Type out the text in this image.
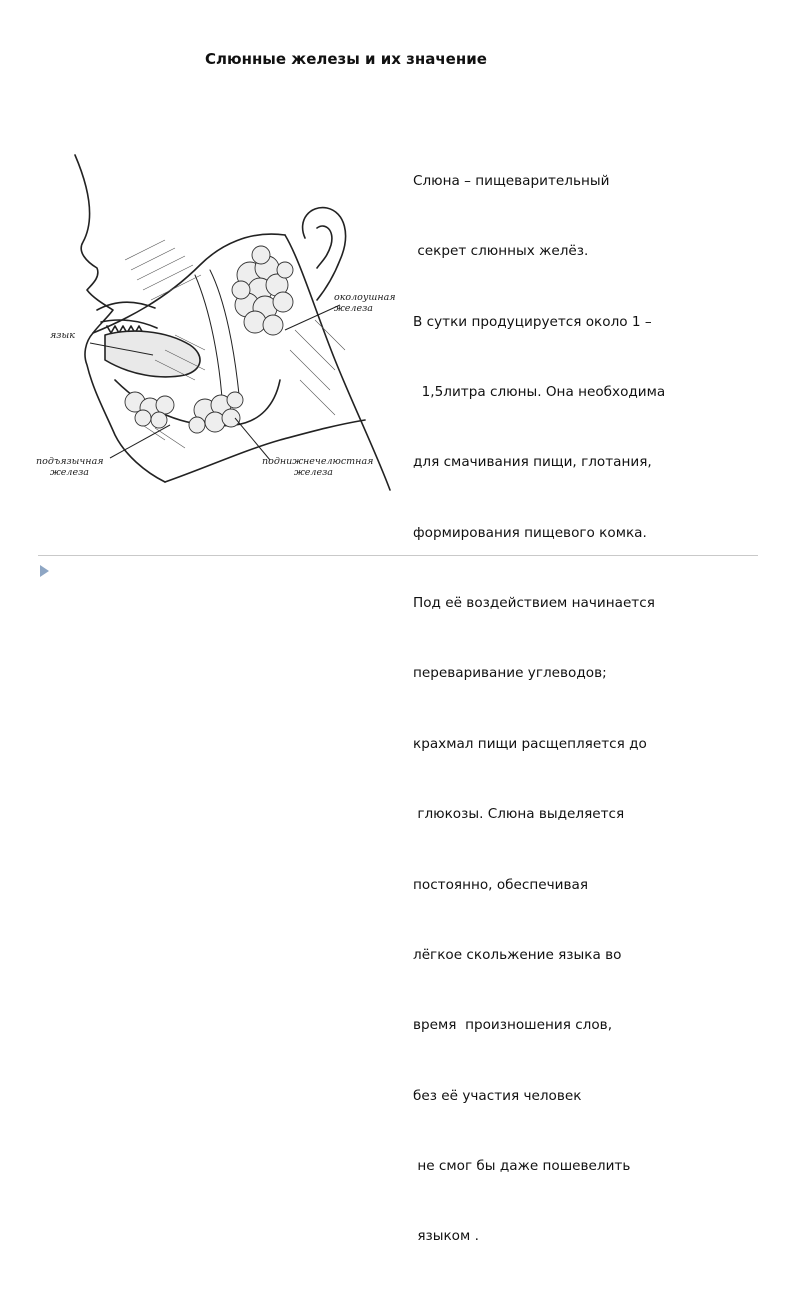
Слюнные железы и их значение
язык
околоушная
железа
подъязычная
железа
поднижнечелюстная
железа

Слюна – пищеварительный

секрет слюнных желёз.

В сутки продуцируется около 1 –

1,5литра слюны. Она необходима

для смачивания пищи, глотания,

формирования пищевого комка.

Под её воздействием начинается

переваривание углеводов;

крахмал пищи расщепляется до

глюкозы. Слюна выделяется

постоянно, обеспечивая

лёгкое скольжение языка во

время  произношения слов,

без её участия человек

не смог бы даже пошевелить

языком .
